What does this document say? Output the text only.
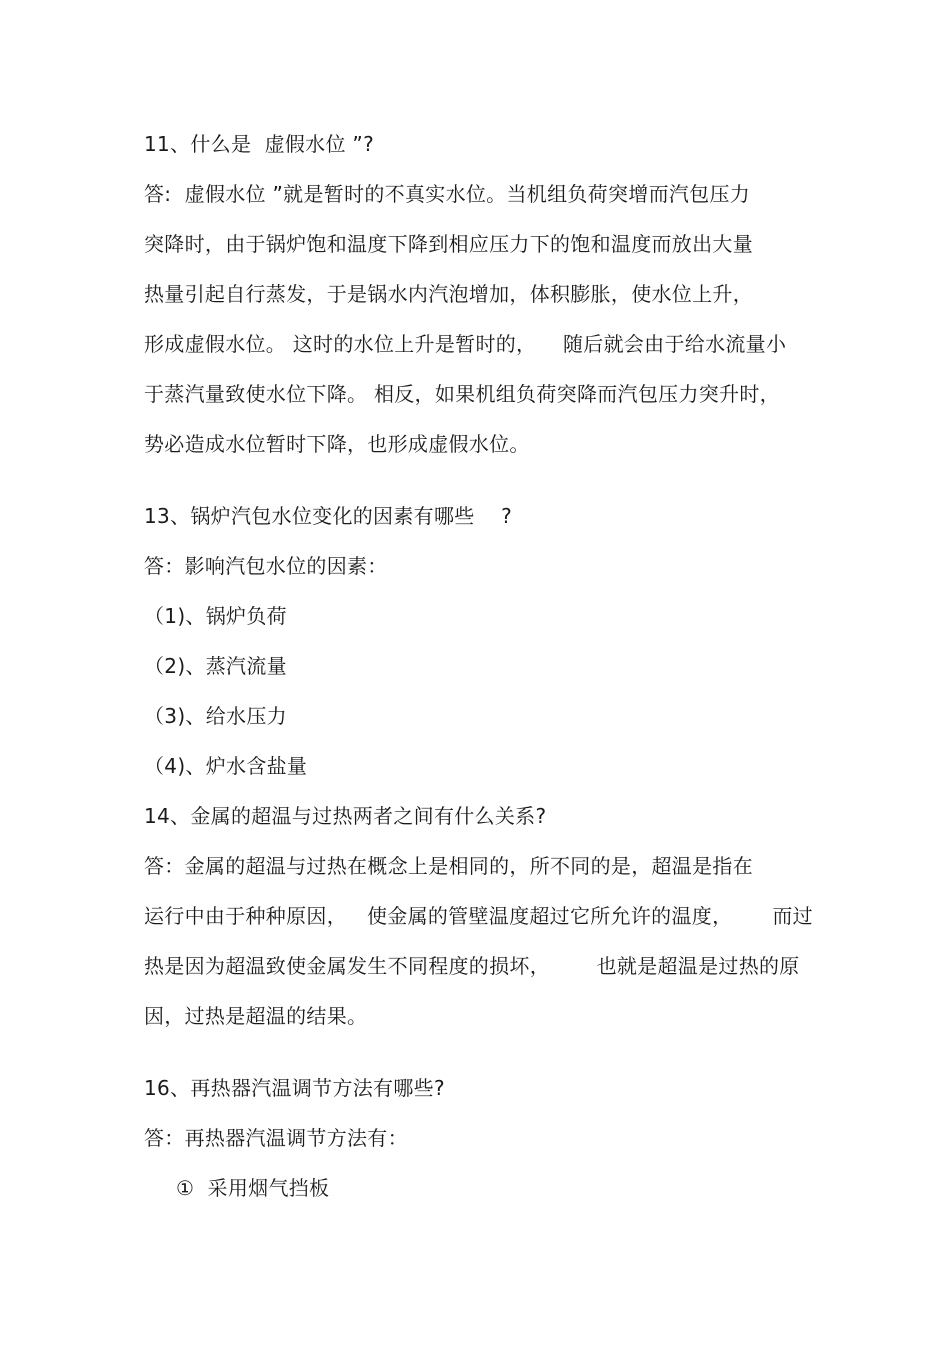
11、什么是  虚假水位 ”?
答:  虚假水位 ”就是暂时的不真实水位。当机组负荷突增而汽包压力
突降时，由于锅炉饱和温度下降到相应压力下的饱和温度而放出大量
热量引起自行蒸发，于是锅水内汽泡增加，体积膨胀，使水位上升，
形成虚假水位。 这时的水位上升是暂时的，    随后就会由于给水流量小
于蒸汽量致使水位下降。 相反，如果机组负荷突降而汽包压力突升时，
势必造成水位暂时下降，也形成虚假水位。
13、锅炉汽包水位变化的因素有哪些    ?
答：影响汽包水位的因素：
（1)、锅炉负荷
（2)、蒸汽流量
（3)、给水压力
（4)、炉水含盐量
14、金属的超温与过热两者之间有什么关系?
答：金属的超温与过热在概念上是相同的，所不同的是，超温是指在
运行中由于种种原因，   使金属的管壁温度超过它所允许的温度，      而过
热是因为超温致使金属发生不同程度的损坏，       也就是超温是过热的原
因，过热是超温的结果。
16、再热器汽温调节方法有哪些?
答：再热器汽温调节方法有：
①  采用烟气挡板
